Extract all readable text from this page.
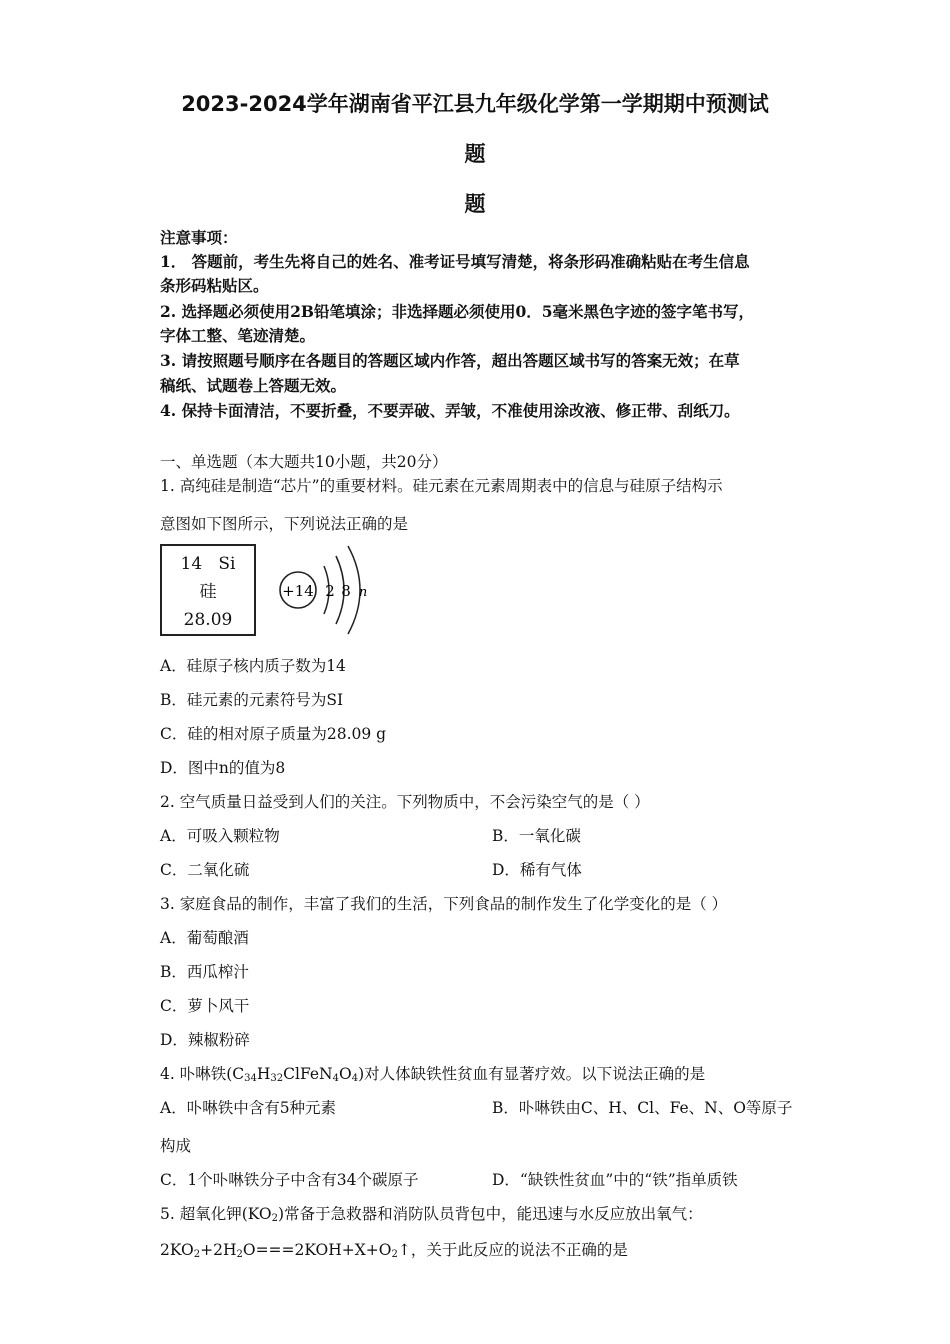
2023-2024学年湖南省平江县九年级化学第一学期期中预测试
题
题
注意事项：
1． 答题前，考生先将自己的姓名、准考证号填写清楚，将条形码准确粘贴在考生信息
条形码粘贴区。
2. 选择题必须使用2B铅笔填涂；非选择题必须使用0．5毫米黑色字迹的签字笔书写，
字体工整、笔迹清楚。
3. 请按照题号顺序在各题目的答题区域内作答，超出答题区域书写的答案无效；在草
稿纸、试题卷上答题无效。
4. 保持卡面清洁，不要折叠，不要弄破、弄皱，不准使用涂改液、修正带、刮纸刀。
一、单选题（本大题共10小题，共20分）
1. 高纯硅是制造“芯片”的重要材料。硅元素在元素周期表中的信息与硅原子结构示
意图如下图所示，下列说法正确的是
14 Si
硅
28.09
+14 2 8 n
A．硅原子核内质子数为14
B．硅元素的元素符号为SI
C．硅的相对原子质量为28.09 g
D．图中n的值为8
2. 空气质量日益受到人们的关注。下列物质中，不会污染空气的是（ ）
A．可吸入颗粒物	B．一氧化碳
C．二氧化硫	D．稀有气体
3. 家庭食品的制作，丰富了我们的生活，下列食品的制作发生了化学变化的是（ ）
A．葡萄酿酒
B．西瓜榨汁
C．萝卜风干
D．辣椒粉碎
4. 卟啉铁$(C_{34}H_{32}ClFeN_4O_4)$对人体缺铁性贫血有显著疗效。以下说法正确的是
A．卟啉铁中含有5种元素	B．卟啉铁由C、H、Cl、Fe、N、O等原子
构成
C．1个卟啉铁分子中含有34个碳原子	D．“缺铁性贫血”中的“铁”指单质铁
5. 超氧化钾$(KO_2)$常备于急救器和消防队员背包中，能迅速与水反应放出氧气：
$2KO_2+2H_2O===2KOH+X+O_2↑$，关于此反应的说法不正确的是
